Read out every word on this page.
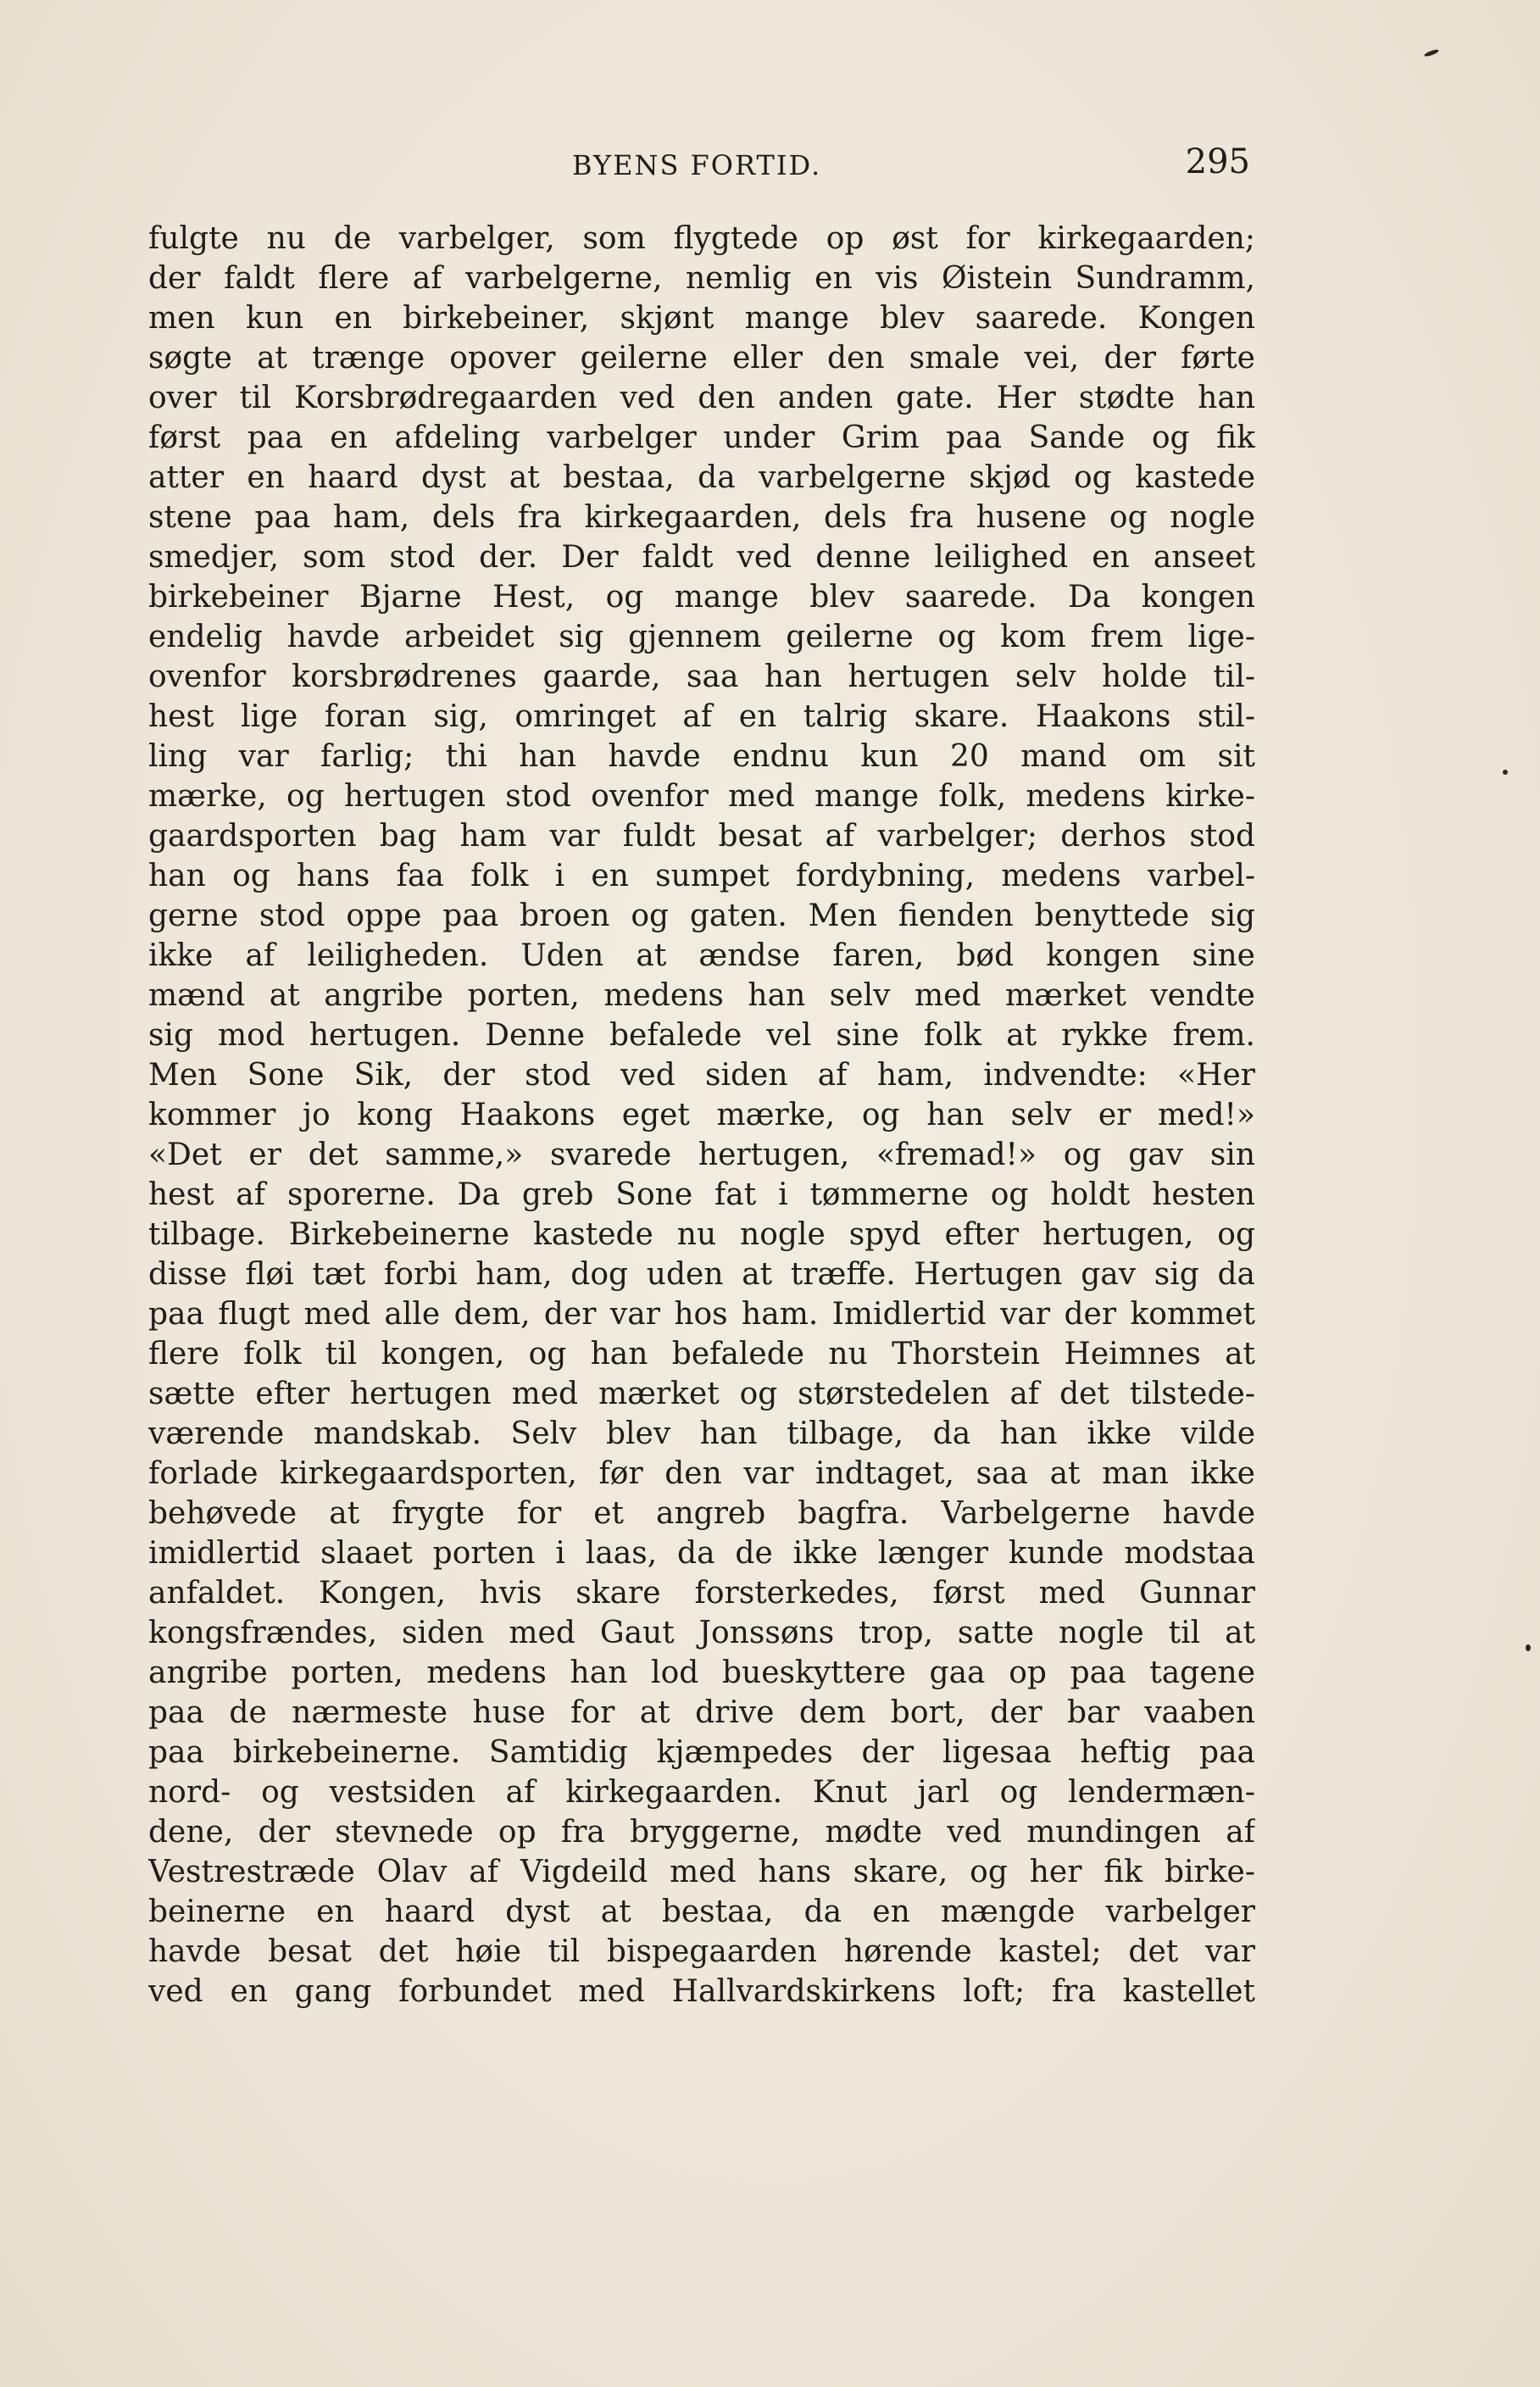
BYENS FORTID.	295
fulgte nu de varbelger, som flygtede op øst for kirkegaarden;
der faldt flere af varbelgerne, nemlig en vis Øistein Sundramm,
men kun en birkebeiner, skjønt mange blev saarede. Kongen
søgte at trænge opover geilerne eller den smale vei, der førte
over til Korsbrødregaarden ved den anden gate. Her stødte han
først paa en afdeling varbelger under Grim paa Sande og fik
atter en haard dyst at bestaa, da varbelgerne skjød og kastede
stene paa ham, dels fra kirkegaarden, dels fra husene og nogle
smedjer, som stod der. Der faldt ved denne leilighed en anseet
birkebeiner Bjarne Hest, og mange blev saarede. Da kongen
endelig havde arbeidet sig gjennem geilerne og kom frem lige-
ovenfor korsbrødrenes gaarde, saa han hertugen selv holde til-
hest lige foran sig, omringet af en talrig skare. Haakons stil-
ling var farlig; thi han havde endnu kun 20 mand om sit
mærke, og hertugen stod ovenfor med mange folk, medens kirke-
gaardsporten bag ham var fuldt besat af varbelger; derhos stod
han og hans faa folk i en sumpet fordybning, medens varbel-
gerne stod oppe paa broen og gaten. Men fienden benyttede sig
ikke af leiligheden. Uden at ændse faren, bød kongen sine
mænd at angribe porten, medens han selv med mærket vendte
sig mod hertugen. Denne befalede vel sine folk at rykke frem.
Men Sone Sik, der stod ved siden af ham, indvendte: «Her
kommer jo kong Haakons eget mærke, og han selv er med!»
«Det er det samme,» svarede hertugen, «fremad!» og gav sin
hest af sporerne. Da greb Sone fat i tømmerne og holdt hesten
tilbage. Birkebeinerne kastede nu nogle spyd efter hertugen, og
disse fløi tæt forbi ham, dog uden at træffe. Hertugen gav sig da
paa flugt med alle dem, der var hos ham. Imidlertid var der kommet
flere folk til kongen, og han befalede nu Thorstein Heimnes at
sætte efter hertugen med mærket og størstedelen af det tilstede-
værende mandskab. Selv blev han tilbage, da han ikke vilde
forlade kirkegaardsporten, før den var indtaget, saa at man ikke
behøvede at frygte for et angreb bagfra. Varbelgerne havde
imidlertid slaaet porten i laas, da de ikke længer kunde modstaa
anfaldet. Kongen, hvis skare forsterkedes, først med Gunnar
kongsfrændes, siden med Gaut Jonssøns trop, satte nogle til at
angribe porten, medens han lod bueskyttere gaa op paa tagene
paa de nærmeste huse for at drive dem bort, der bar vaaben
paa birkebeinerne. Samtidig kjæmpedes der ligesaa heftig paa
nord- og vestsiden af kirkegaarden. Knut jarl og lendermæn-
dene, der stevnede op fra bryggerne, mødte ved mundingen af
Vestrestræde Olav af Vigdeild med hans skare, og her fik birke-
beinerne en haard dyst at bestaa, da en mængde varbelger
havde besat det høie til bispegaarden hørende kastel; det var
ved en gang forbundet med Hallvardskirkens loft; fra kastellet
